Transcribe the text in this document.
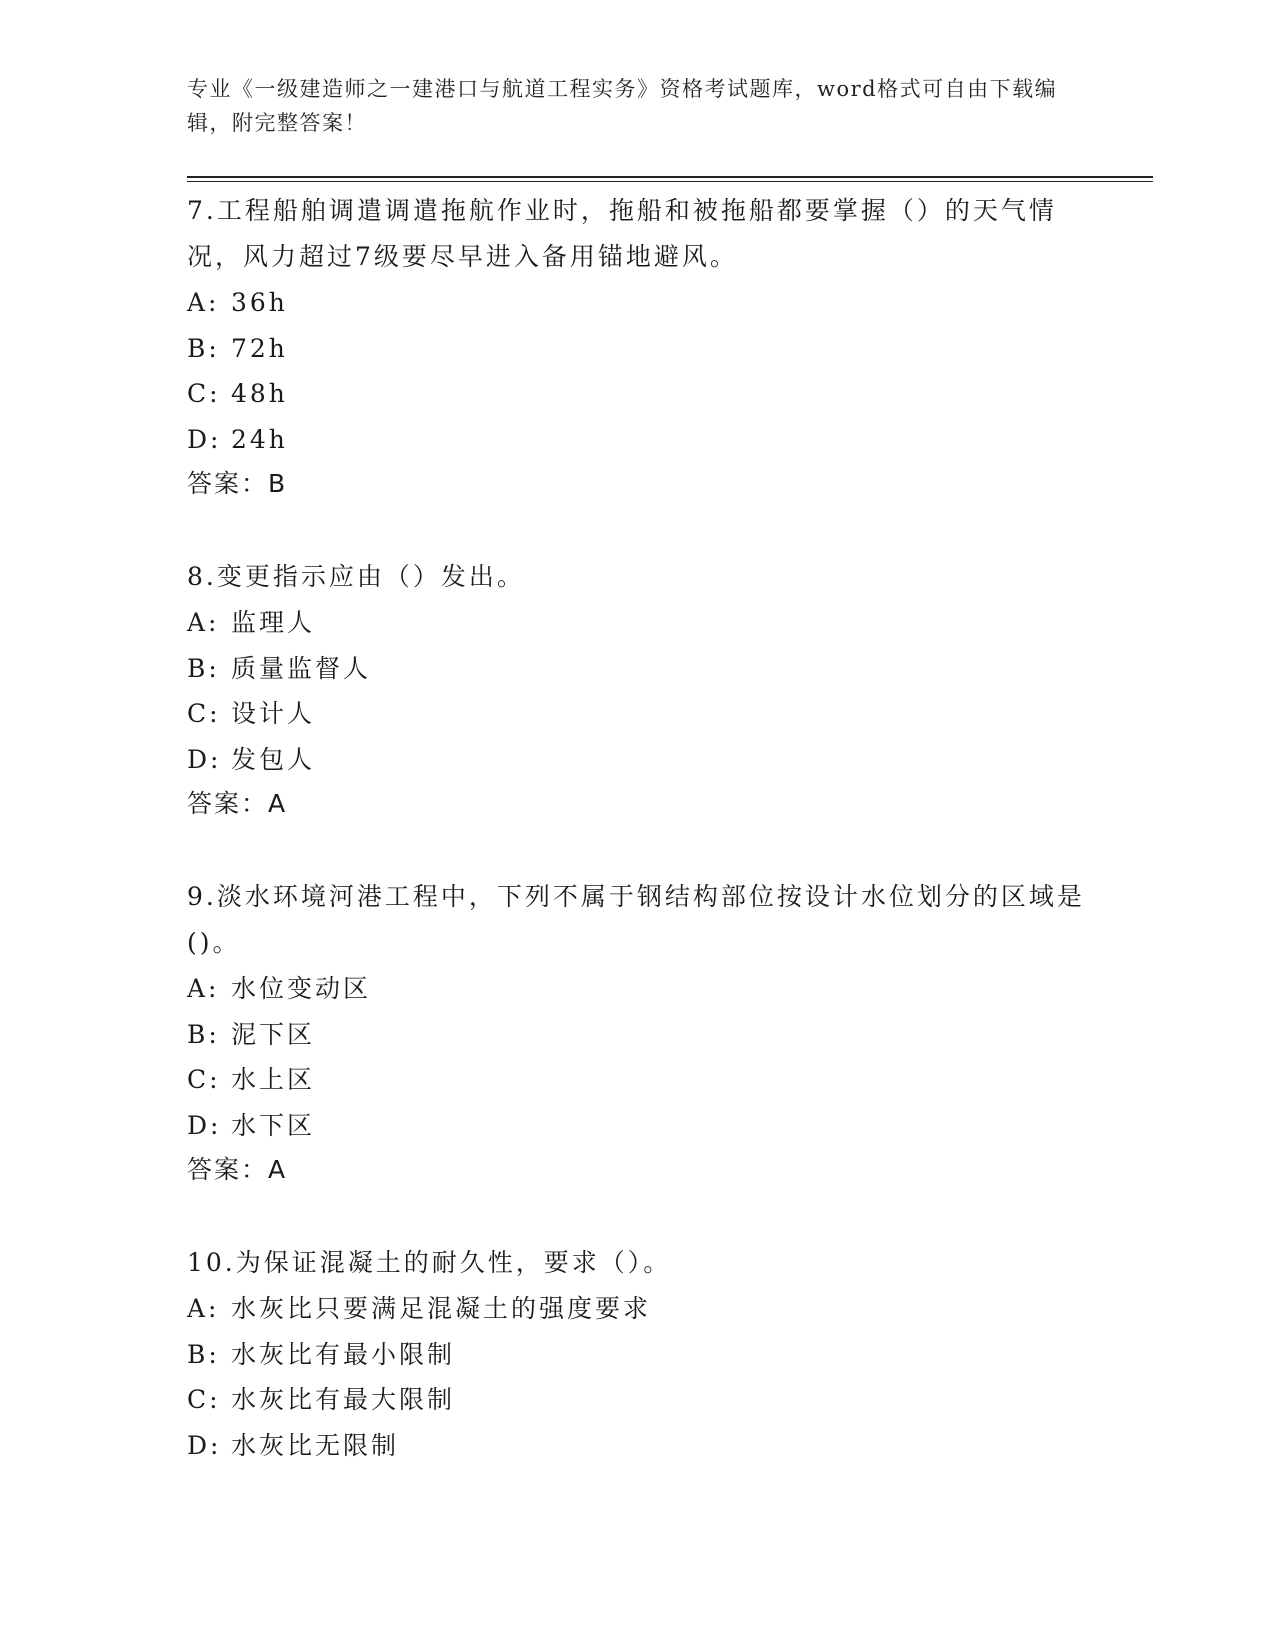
专业《一级建造师之一建港口与航道工程实务》资格考试题库，word格式可自由下载编辑，附完整答案！

7.工程船舶调遣调遣拖航作业时，拖船和被拖船都要掌握（）的天气情况，风力超过7级要尽早进入备用锚地避风。

A: 36h

B: 72h

C: 48h

D: 24h

答案：B

8.变更指示应由（）发出。

A: 监理人

B: 质量监督人

C: 设计人

D: 发包人

答案：A

9.淡水环境河港工程中，下列不属于钢结构部位按设计水位划分的区域是()。

A: 水位变动区

B: 泥下区

C: 水上区

D: 水下区

答案：A

10.为保证混凝土的耐久性，要求（）。

A: 水灰比只要满足混凝土的强度要求

B: 水灰比有最小限制

C: 水灰比有最大限制

D: 水灰比无限制
